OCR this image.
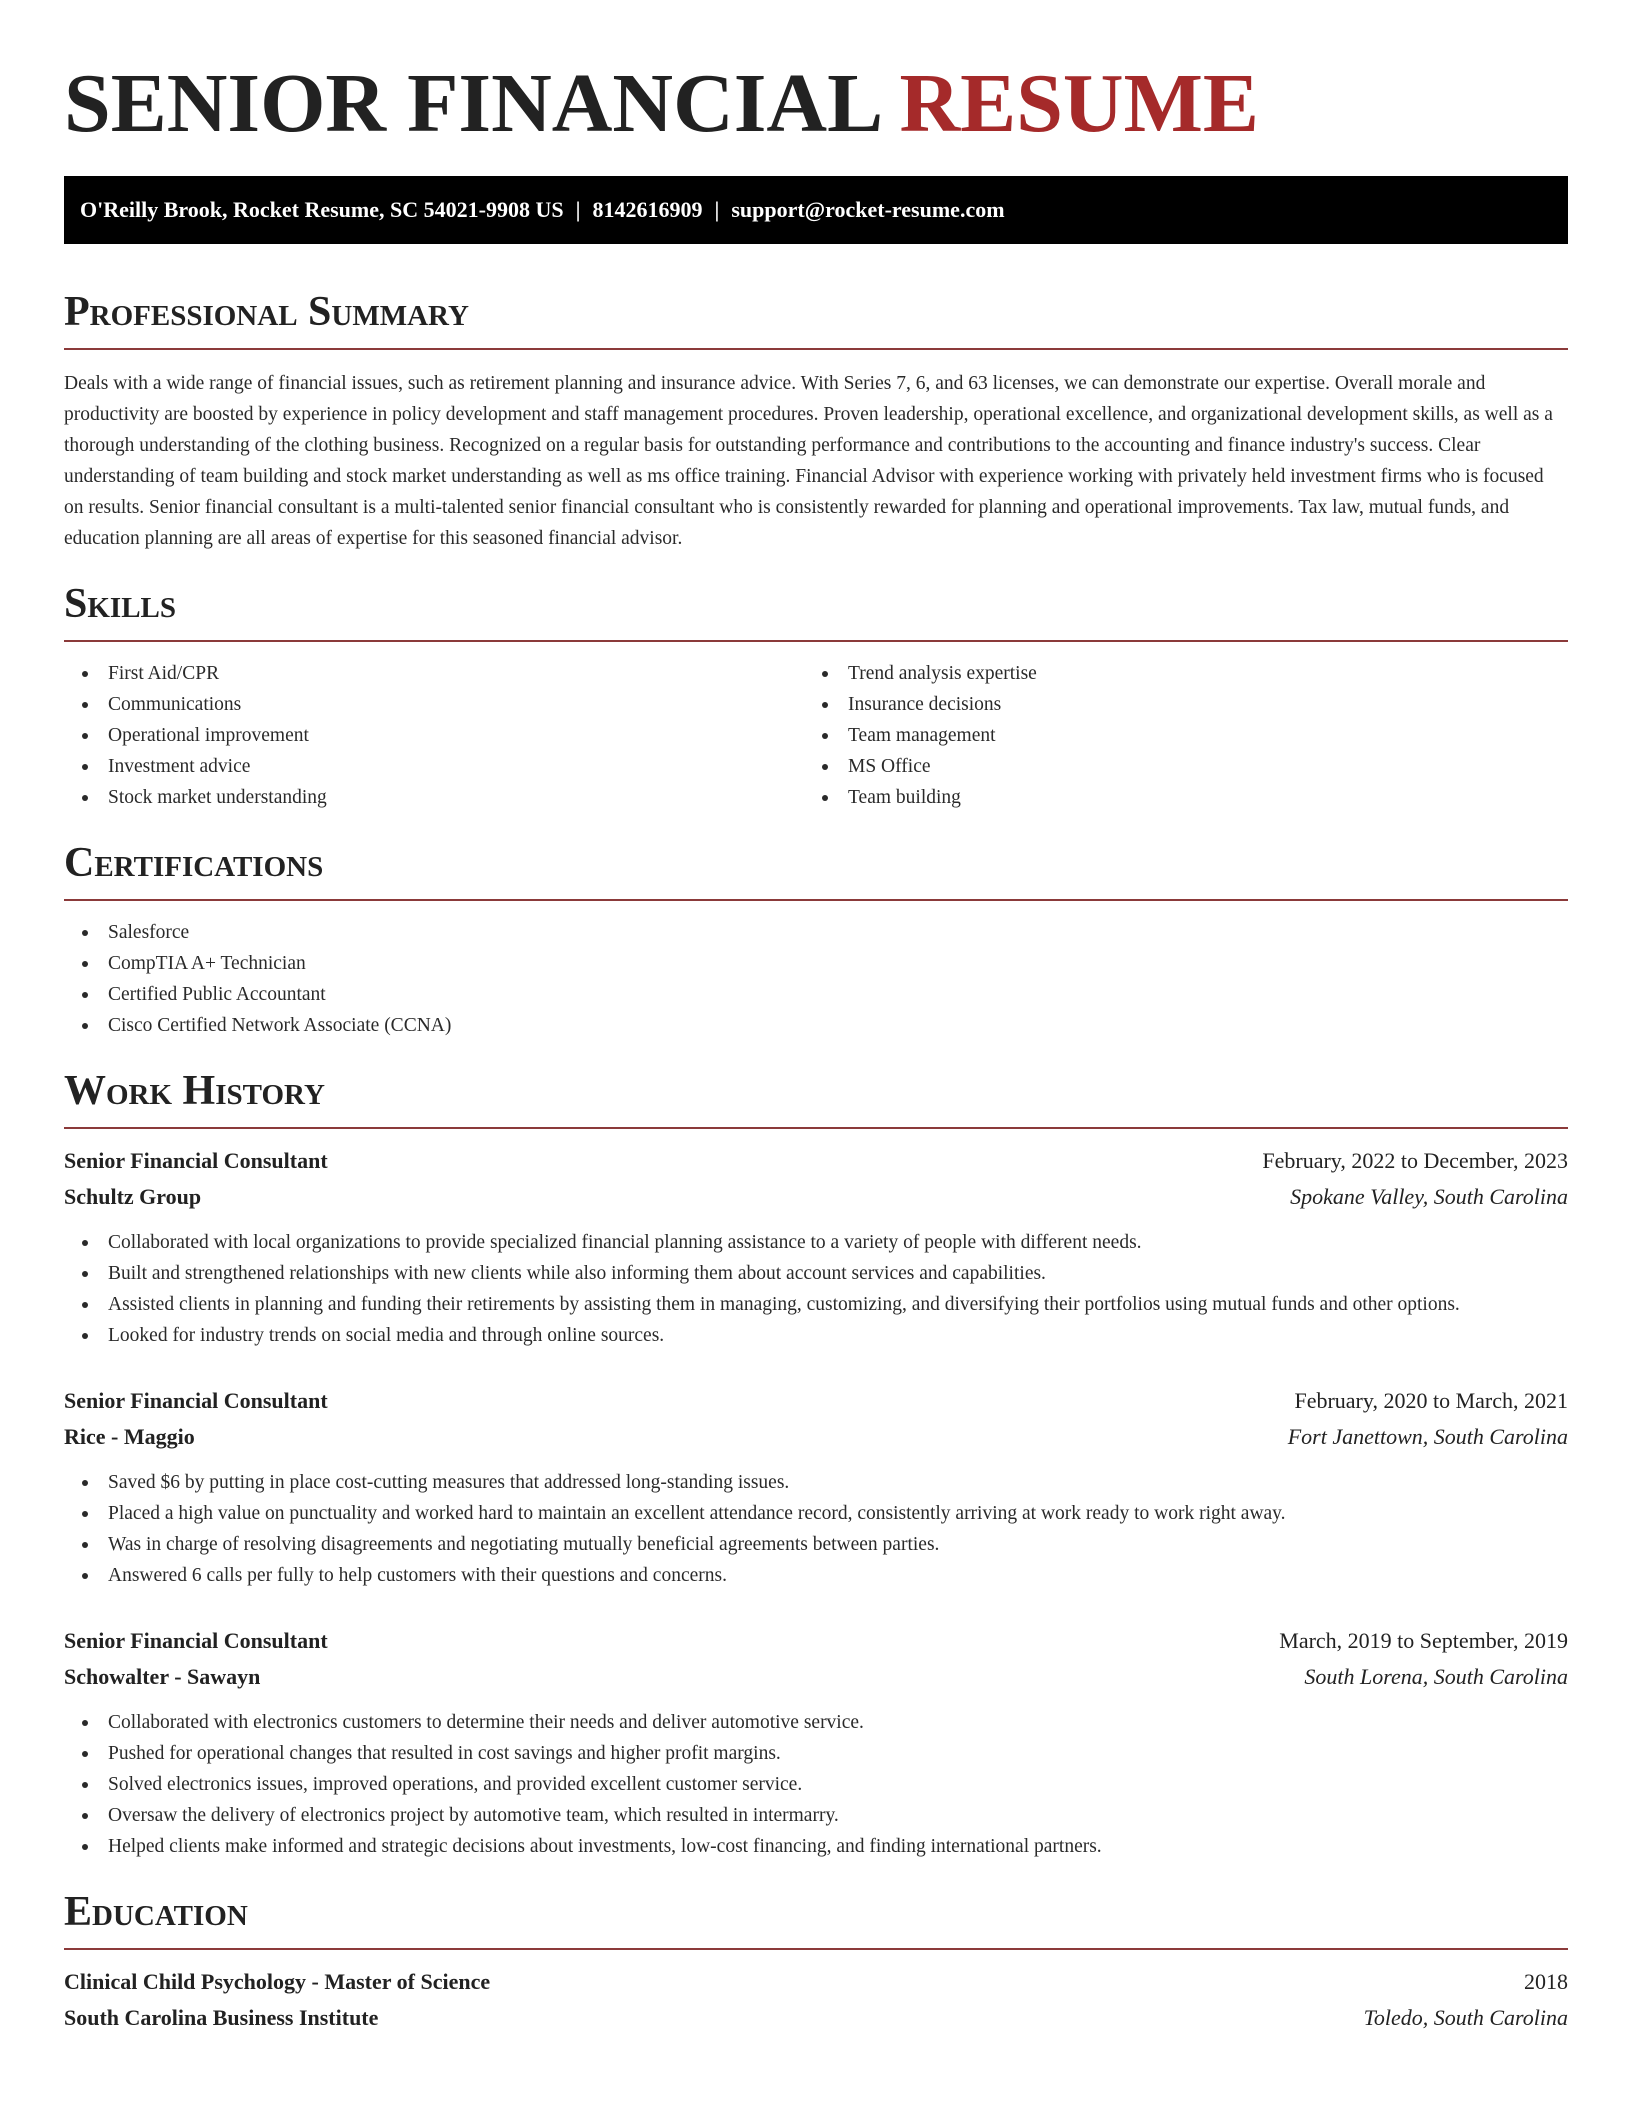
SENIOR FINANCIAL RESUME
O'Reilly Brook, Rocket Resume, SC 54021-9908 US | 8142616909 | support@rocket-resume.com
Professional Summary

Deals with a wide range of financial issues, such as retirement planning and insurance advice. With Series 7, 6, and 63 licenses, we can demonstrate our expertise. Overall morale and productivity are boosted by experience in policy development and staff management procedures. Proven leadership, operational excellence, and organizational development skills, as well as a thorough understanding of the clothing business. Recognized on a regular basis for outstanding performance and contributions to the accounting and finance industry's success. Clear understanding of team building and stock market understanding as well as ms office training. Financial Advisor with experience working with privately held investment firms who is focused on results. Senior financial consultant is a multi-talented senior financial consultant who is consistently rewarded for planning and operational improvements. Tax law, mutual funds, and education planning are all areas of expertise for this seasoned financial advisor.

Skills
First Aid/CPR
Communications
Operational improvement
Investment advice
Stock market understanding
Trend analysis expertise
Insurance decisions
Team management
MS Office
Team building
Certifications
Salesforce
CompTIA A+ Technician
Certified Public Accountant
Cisco Certified Network Associate (CCNA)
Work History
Senior Financial Consultant	February, 2022 to December, 2023
Schultz Group	Spokane Valley, South Carolina
Collaborated with local organizations to provide specialized financial planning assistance to a variety of people with different needs.
Built and strengthened relationships with new clients while also informing them about account services and capabilities.
Assisted clients in planning and funding their retirements by assisting them in managing, customizing, and diversifying their portfolios using mutual funds and other options.
Looked for industry trends on social media and through online sources.
Senior Financial Consultant	February, 2020 to March, 2021
Rice - Maggio	Fort Janettown, South Carolina
Saved $6 by putting in place cost-cutting measures that addressed long-standing issues.
Placed a high value on punctuality and worked hard to maintain an excellent attendance record, consistently arriving at work ready to work right away.
Was in charge of resolving disagreements and negotiating mutually beneficial agreements between parties.
Answered 6 calls per fully to help customers with their questions and concerns.
Senior Financial Consultant	March, 2019 to September, 2019
Schowalter - Sawayn	South Lorena, South Carolina
Collaborated with electronics customers to determine their needs and deliver automotive service.
Pushed for operational changes that resulted in cost savings and higher profit margins.
Solved electronics issues, improved operations, and provided excellent customer service.
Oversaw the delivery of electronics project by automotive team, which resulted in intermarry.
Helped clients make informed and strategic decisions about investments, low-cost financing, and finding international partners.
Education
Clinical Child Psychology - Master of Science	2018
South Carolina Business Institute	Toledo, South Carolina
